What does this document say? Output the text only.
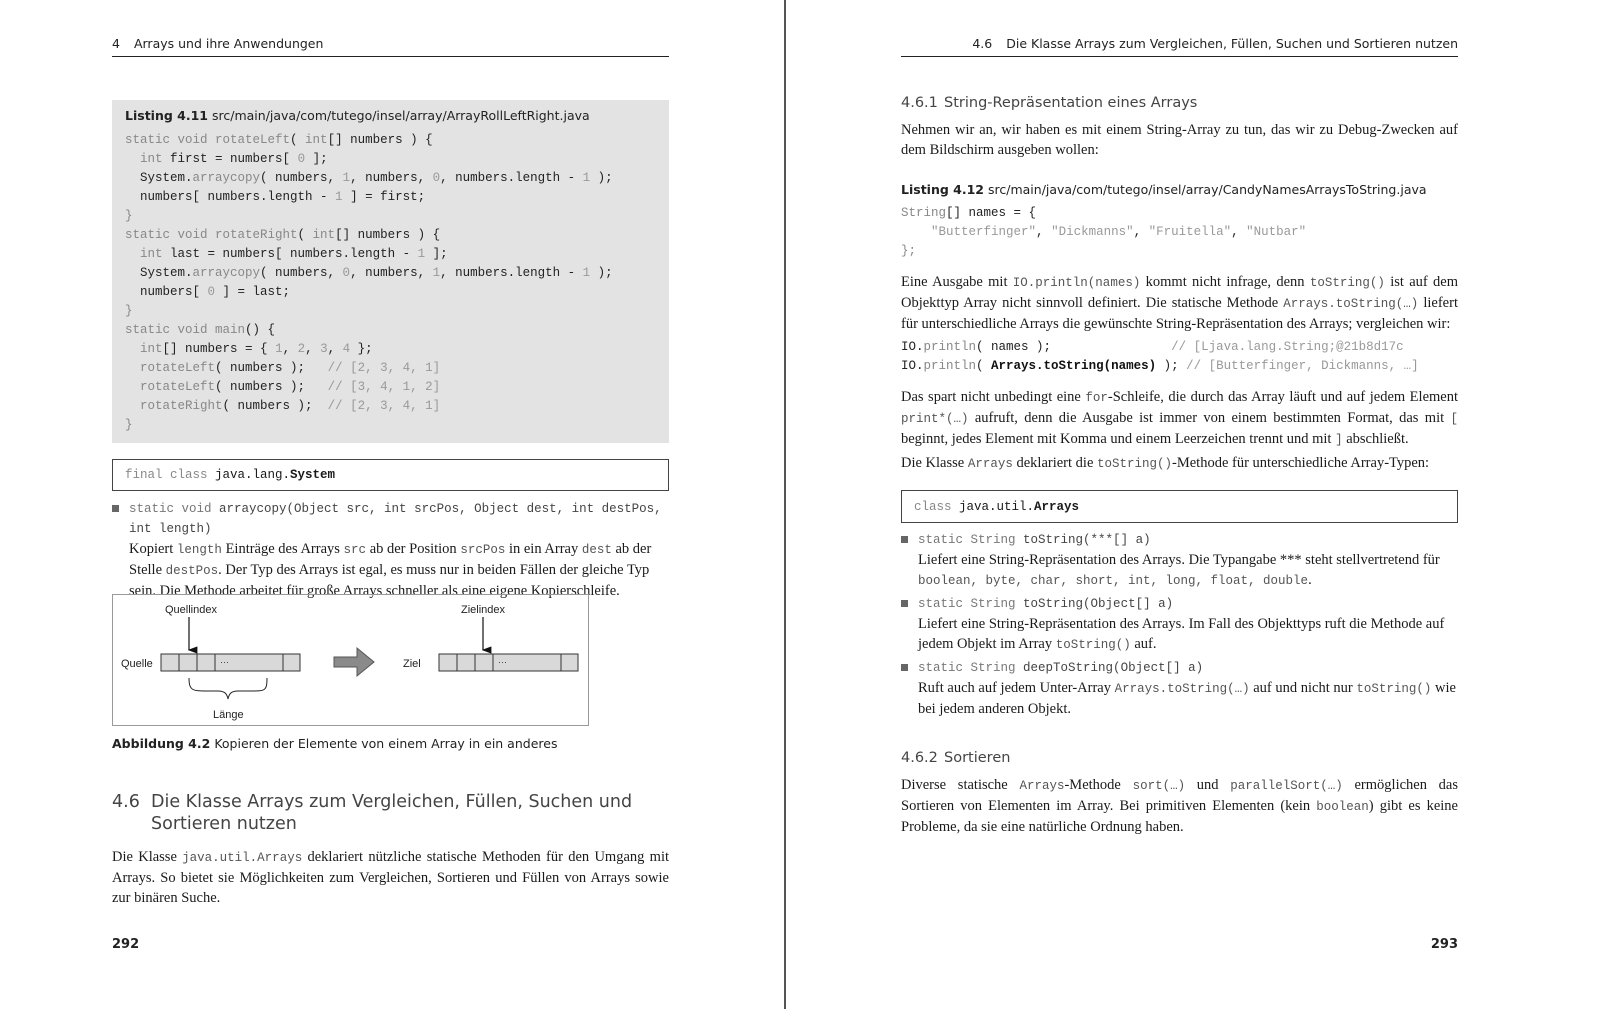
4 Arrays und ihre Anwendungen
Listing 4.11 src/main/java/com/tutego/insel/array/ArrayRollLeftRight.java
static void rotateLeft( int[] numbers ) {
int first = numbers[ 0 ];
System.arraycopy( numbers, 1, numbers, 0, numbers.length - 1 );
numbers[ numbers.length - 1 ] = first;
}
static void rotateRight( int[] numbers ) {
int last = numbers[ numbers.length - 1 ];
System.arraycopy( numbers, 0, numbers, 1, numbers.length - 1 );
numbers[ 0 ] = last;
}
static void main() {
int[] numbers = { 1, 2, 3, 4 };
rotateLeft( numbers );   // [2, 3, 4, 1]
rotateLeft( numbers );   // [3, 4, 1, 2]
rotateRight( numbers );  // [2, 3, 4, 1]
}
final class
java.lang. System
static void arraycopy(Object src, int srcPos, Object dest, int destPos, int length)
Kopiert length Einträge des Arrays src ab der Position srcPos in ein Array dest ab der Stelle destPos. Der Typ des Arrays ist egal, es muss nur in beiden Fällen der gleiche Typ sein. Die Methode arbeitet für große Arrays schneller als eine eigene Kopierschleife.
Quellindex
Quelle	···
Länge
Zielindex
Ziel	···
Abbildung 4.2 Kopieren der Elemente von einem Array in ein anderes
4.6 Die Klasse Arrays zum Vergleichen, Füllen, Suchen und
Sortieren nutzen
Die Klasse java.util.Arrays deklariert nützliche statische Methoden für den Umgang mit Arrays. So bietet sie Möglichkeiten zum Vergleichen, Sortieren und Füllen von Arrays sowie zur binären Suche.
292
4.6 Die Klasse Arrays zum Vergleichen, Füllen, Suchen und Sortieren nutzen
4.6.1 String-Repräsentation eines Arrays
Nehmen wir an, wir haben es mit einem String-Array zu tun, das wir zu Debug-Zwecken auf dem Bildschirm ausgeben wollen:
Listing 4.12 src/main/java/com/tutego/insel/array/CandyNamesArraysToString.java
String[] names = {
"Butterfinger", "Dickmanns", "Fruitella", "Nutbar"
};
Eine Ausgabe mit IO.println(names) kommt nicht infrage, denn toString() ist auf dem Objekttyp Array nicht sinnvoll definiert. Die statische Methode Arrays.toString(…) liefert für unterschiedliche Arrays die gewünschte String-Repräsentation des Arrays; vergleichen wir:
IO.println( names );                // [Ljava.lang.String;@21b8d17c
IO.println( Arrays.toString(names) ); // [Butterfinger, Dickmanns, …]
Das spart nicht unbedingt eine for-Schleife, die durch das Array läuft und auf jedem Element print*(…) aufruft, denn die Ausgabe ist immer von einem bestimmten Format, das mit [ beginnt, jedes Element mit Komma und einem Leerzeichen trennt und mit ] abschließt.
Die Klasse Arrays deklariert die toString()-Methode für unterschiedliche Array-Typen:
class
java.util. Arrays
static String toString(***[] a)
Liefert eine String-Repräsentation des Arrays. Die Typangabe *** steht stellvertretend für boolean, byte, char, short, int, long, float, double.
static String toString(Object[] a)
Liefert eine String-Repräsentation des Arrays. Im Fall des Objekttyps ruft die Methode auf jedem Objekt im Array toString() auf.
static String deepToString(Object[] a)
Ruft auch auf jedem Unter-Array Arrays.toString(…) auf und nicht nur toString() wie bei jedem anderen Objekt.
4.6.2 Sortieren
Diverse statische Arrays-Methode sort(…) und parallelSort(…) ermöglichen das Sortieren von Elementen im Array. Bei primitiven Elementen (kein boolean) gibt es keine Probleme, da sie eine natürliche Ordnung haben.
293
